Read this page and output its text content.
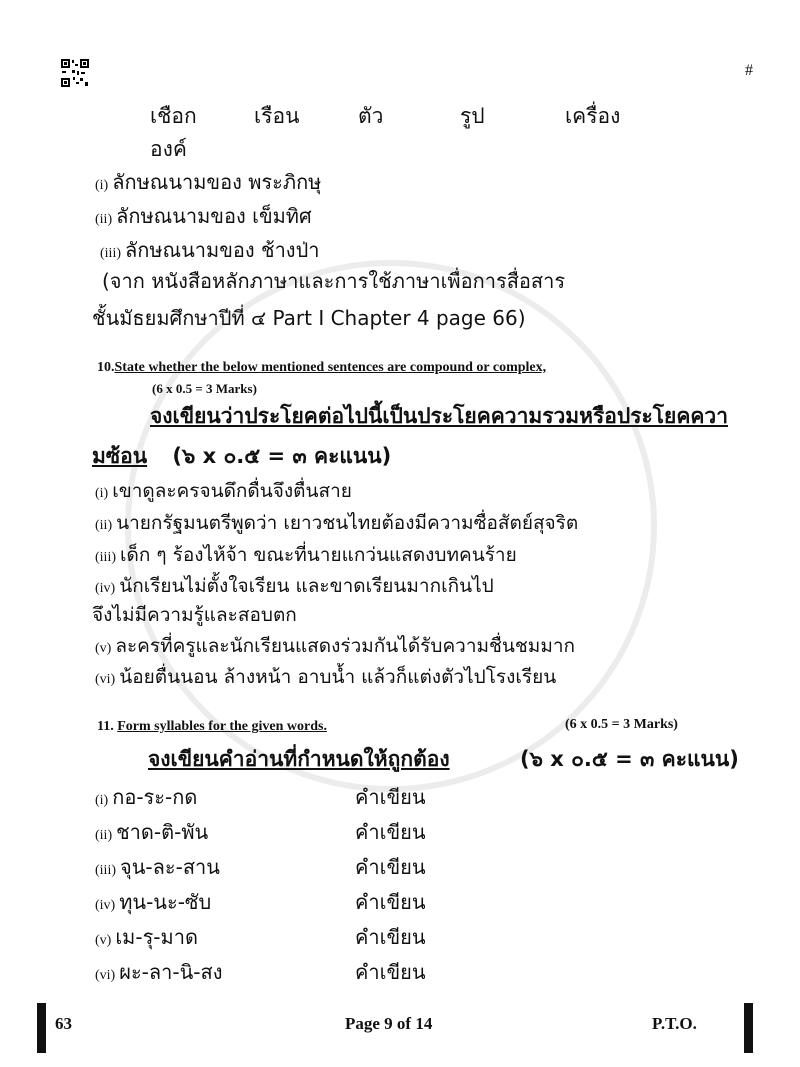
#
เชือก	เรือน	ตัว	รูป	เครื่อง
องค์
(i) ลักษณนามของ พระภิกษุ
(ii) ลักษณนามของ เข็มทิศ
(iii) ลักษณนามของ ช้างป่า
(จาก หนังสือหลักภาษาและการใช้ภาษาเพื่อการสื่อสาร
ชั้นมัธยมศึกษาปีที่ ๔ Part I Chapter 4 page 66)
10.State whether the below mentioned sentences are compound or complex,
(6 x 0.5 = 3 Marks)
จงเขียนว่าประโยคต่อไปนี้เป็นประโยคความรวมหรือประโยคควา
มซ้อน (๖ x ๐.๕ = ๓ คะแนน)
(i) เขาดูละครจนดึกดื่นจึงตื่นสาย
(ii) นายกรัฐมนตรีพูดว่า เยาวชนไทยต้องมีความซื่อสัตย์สุจริต
(iii) เด็ก ๆ ร้องไห้จ้า ขณะที่นายแกว่นแสดงบทคนร้าย
(iv) นักเรียนไม่ตั้งใจเรียน และขาดเรียนมากเกินไป
จึงไม่มีความรู้และสอบตก
(v) ละครที่ครูและนักเรียนแสดงร่วมกันได้รับความชื่นชมมาก
(vi) น้อยตื่นนอน ล้างหน้า อาบน้ำ แล้วก็แต่งตัวไปโรงเรียน
11. Form syllables for the given words.	(6 x 0.5 = 3 Marks)
จงเขียนคำอ่านที่กำหนดให้ถูกต้อง	(๖ x ๐.๕ = ๓ คะแนน)
(i) กอ-ระ-กด	คำเขียน
(ii) ชาด-ติ-พัน	คำเขียน
(iii) จุน-ละ-สาน	คำเขียน
(iv) ทุน-นะ-ซับ	คำเขียน
(v) เม-รุ-มาด	คำเขียน
(vi) ผะ-ลา-นิ-สง	คำเขียน
63	Page 9 of 14	P.T.O.
